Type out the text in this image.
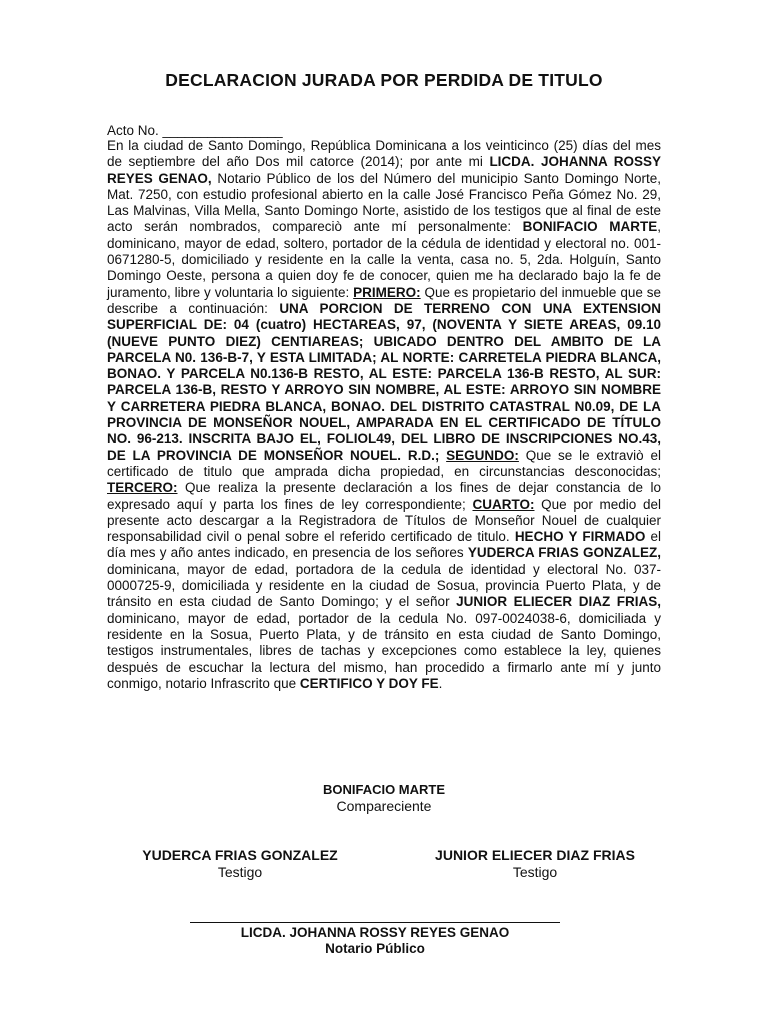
DECLARACION JURADA POR PERDIDA DE TITULO
Acto No. ________________
En la ciudad de Santo Domingo, República Dominicana a los veinticinco (25) días del mes de septiembre del año Dos mil catorce (2014); por ante mi LICDA. JOHANNA ROSSY REYES GENAO, Notario Público de los del Número del municipio Santo Domingo Norte, Mat. 7250, con estudio profesional abierto en la calle José Francisco Peña Gómez No. 29, Las Malvinas, Villa Mella, Santo Domingo Norte, asistido de los testigos que al final de este acto serán nombrados, compareciò ante mí personalmente: BONIFACIO MARTE, dominicano, mayor de edad, soltero, portador de la cédula de identidad y electoral no. 001-0671280-5, domiciliado y residente en la calle la venta, casa no. 5, 2da. Holguín, Santo Domingo Oeste, persona a quien doy fe de conocer, quien me ha declarado bajo la fe de juramento, libre y voluntaria lo siguiente: PRIMERO: Que es propietario del inmueble que se describe a continuación: UNA PORCION DE TERRENO CON UNA EXTENSION SUPERFICIAL DE: 04 (cuatro) HECTAREAS, 97, (NOVENTA Y SIETE AREAS, 09.10 (NUEVE PUNTO DIEZ) CENTIAREAS; UBICADO DENTRO DEL AMBITO DE LA PARCELA N0. 136-B-7, Y ESTA LIMITADA; AL NORTE: CARRETELA PIEDRA BLANCA, BONAO. Y PARCELA N0.136-B RESTO, AL ESTE: PARCELA 136-B RESTO, AL SUR: PARCELA 136-B, RESTO Y ARROYO SIN NOMBRE, AL ESTE: ARROYO SIN NOMBRE Y CARRETERA PIEDRA BLANCA, BONAO. DEL DISTRITO CATASTRAL N0.09, DE LA PROVINCIA DE MONSEÑOR NOUEL, AMPARADA EN EL CERTIFICADO DE TÍTULO NO. 96-213. INSCRITA BAJO EL, FOLIOL49, DEL LIBRO DE INSCRIPCIONES NO.43, DE LA PROVINCIA DE MONSEÑOR NOUEL. R.D.; SEGUNDO: Que se le extraviò el certificado de titulo que amprada dicha propiedad, en circunstancias desconocidas; TERCERO: Que realiza la presente declaración a los fines de dejar constancia de lo expresado aquí y parta los fines de ley correspondiente; CUARTO: Que por medio del presente acto descargar a la Registradora de Títulos de Monseñor Nouel de cualquier responsabilidad civil o penal sobre el referido certificado de titulo. HECHO Y FIRMADO el día mes y año antes indicado, en presencia de los señores YUDERCA FRIAS GONZALEZ, dominicana, mayor de edad, portadora de la cedula de identidad y electoral No. 037-0000725-9, domiciliada y residente en la ciudad de Sosua, provincia Puerto Plata, y de tránsito en esta ciudad de Santo Domingo; y el señor JUNIOR ELIECER DIAZ FRIAS, dominicano, mayor de edad, portador de la cedula No. 097-0024038-6, domiciliada y residente en la Sosua, Puerto Plata, y de tránsito en esta ciudad de Santo Domingo, testigos instrumentales, libres de tachas y excepciones como establece la ley, quienes despuės de escuchar la lectura del mismo, han procedido a firmarlo ante mí y junto conmigo, notario Infrascrito que CERTIFICO Y DOY FE.
BONIFACIO MARTE
Compareciente
YUDERCA FRIAS GONZALEZ
Testigo
JUNIOR ELIECER DIAZ FRIAS
Testigo
LICDA. JOHANNA ROSSY REYES GENAO
Notario Público
